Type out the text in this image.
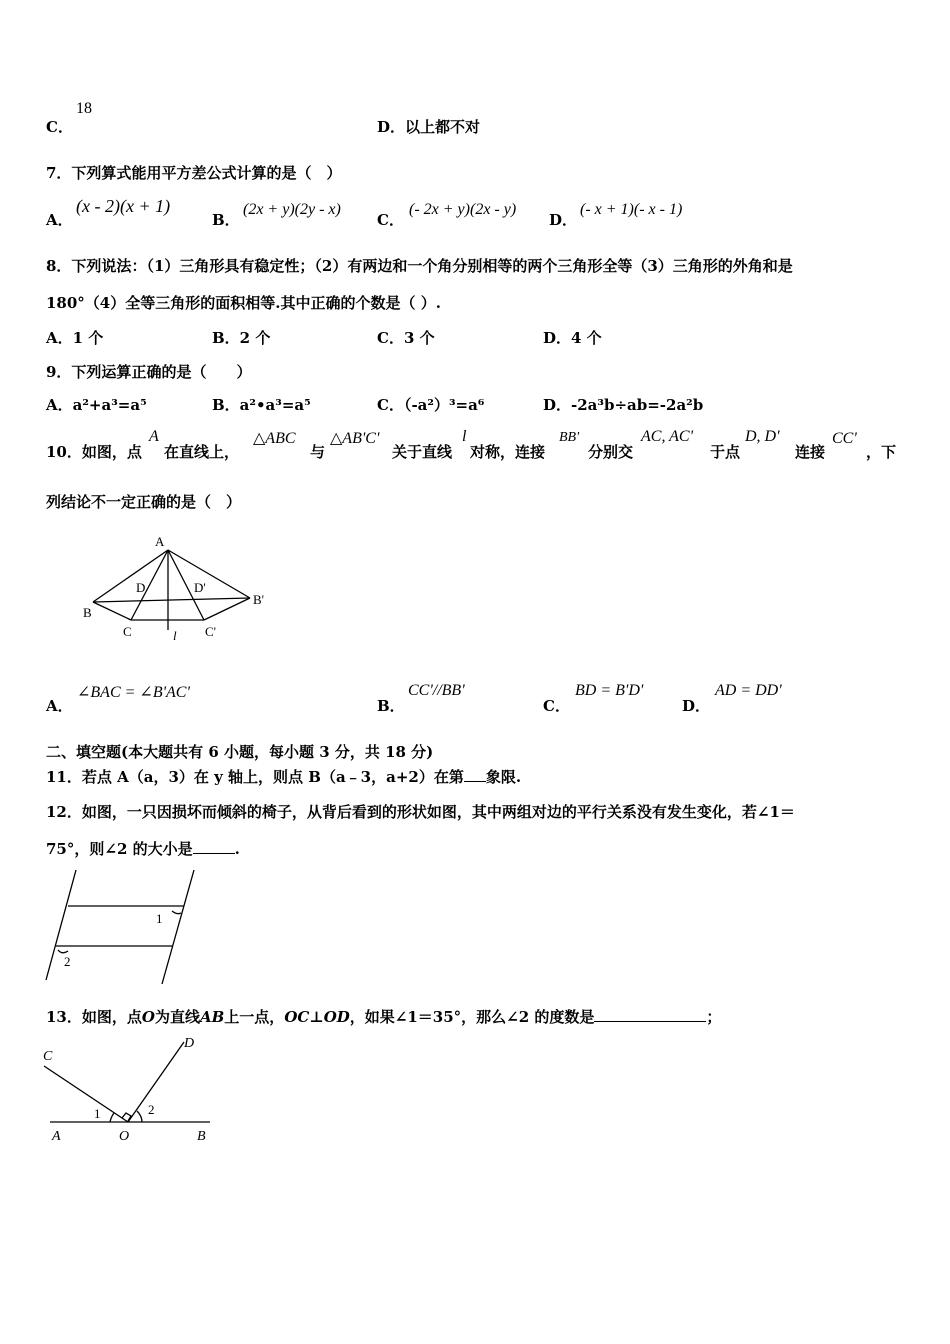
C．
18
D． 以上都不对
7．下列算式能用平方差公式计算的是（　）
A．
(x - 2)(x + 1)
B．
(2x + y)(2y - x)
C．
(- 2x + y)(2x - y)
D．
(- x + 1)(- x - 1)
8．下列说法：（1）三角形具有稳定性；（2）有两边和一个角分别相等的两个三角形全等（3）三角形的外角和是
180°（4）全等三角形的面积相等.其中正确的个数是（ ）.
A．1 个	B．2 个	C．3 个	D．4 个
9．下列运算正确的是（　　）
A．a²+a³=a⁵	B．a²•a³=a⁵	C．（-a²）³=a⁶	D．-2a³b÷ab=-2a²b
10．如图，点
A
在直线上，
△ABC
与
△AB'C'
关于直线
l
对称，连接
BB'
分别交
AC, AC'
于点
D, D'
连接
CC'
，下
列结论不一定正确的是（　）
A
B
C
D	D'
B'
C'
l
A．
∠BAC = ∠B'AC'
B．
CC'//BB'
C．
BD = B'D'
D．
AD = DD'
二、填空题(本大题共有 6 小题，每小题 3 分，共 18 分)
11．若点 A（a，3）在 y 轴上，则点 B（a﹣3，a+2）在第 象限.
12．如图，一只因损坏而倾斜的椅子，从背后看到的形状如图，其中两组对边的平行关系没有发生变化，若∠1＝
75°，则∠2 的大小是	.
1
2
13．如图，点O为直线AB上一点，OC⊥OD，如果∠1＝35°，那么∠2 的度数是	；
C
D
A	O	B
1	2
